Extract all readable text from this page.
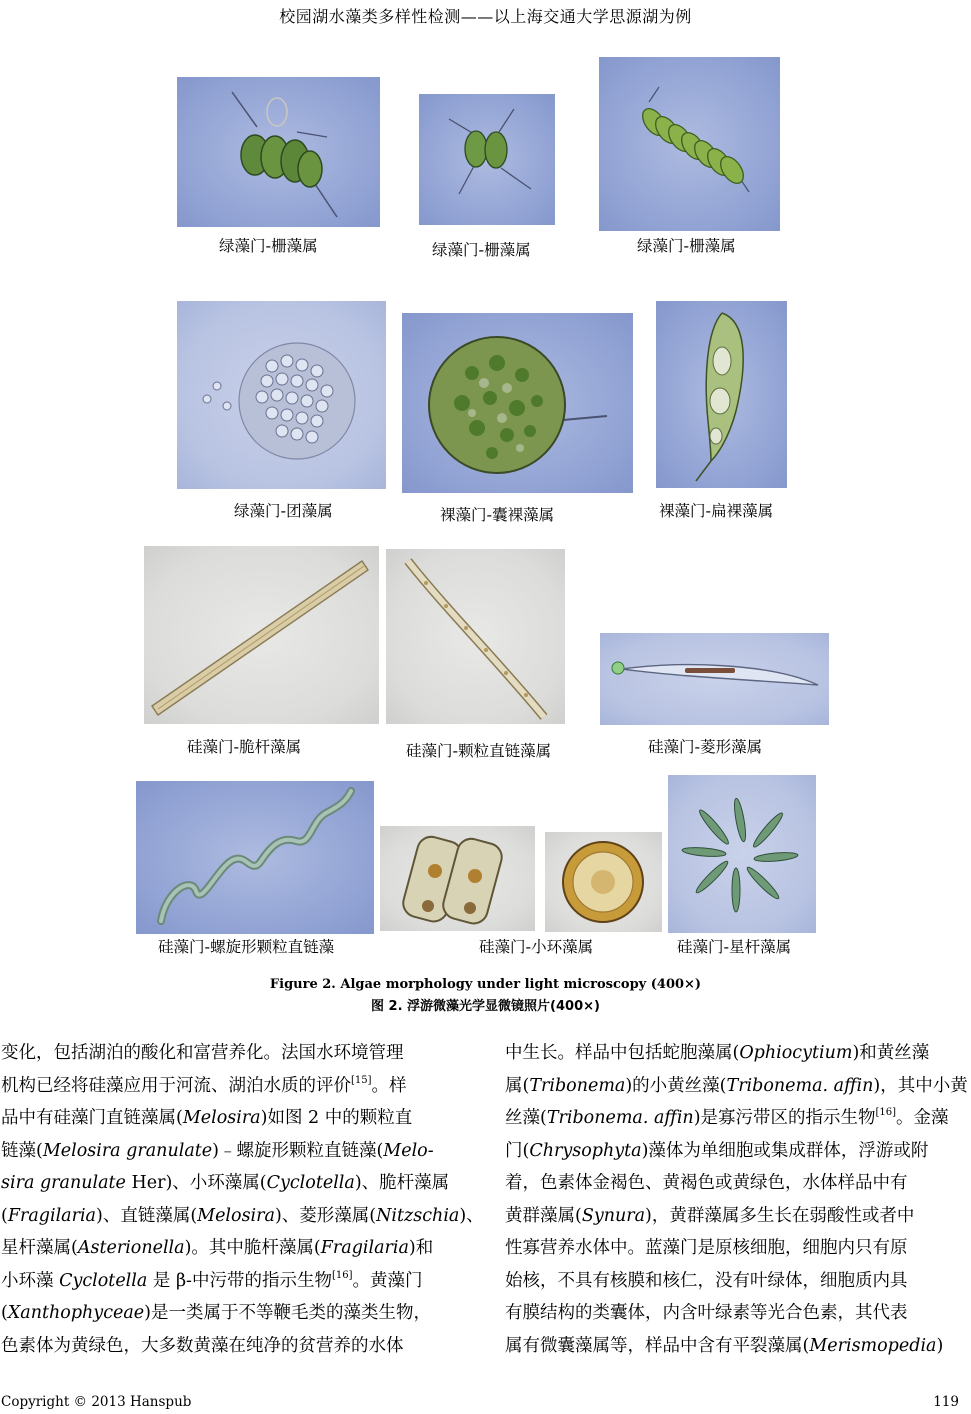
校园湖水藻类多样性检测——以上海交通大学思源湖为例
绿藻门-栅藻属	绿藻门-栅藻属	绿藻门-栅藻属
绿藻门-团藻属	裸藻门-囊裸藻属	裸藻门-扁裸藻属
硅藻门-脆杆藻属	硅藻门-颗粒直链藻属	硅藻门-菱形藻属
硅藻门-螺旋形颗粒直链藻	硅藻门-小环藻属	硅藻门-星杆藻属
Figure 2. Algae morphology under light microscopy (400×)
图 2. 浮游微藻光学显微镜照片(400×)
变化，包括湖泊的酸化和富营养化。法国水环境管理
机构已经将硅藻应用于河流、湖泊水质的评价[15]。样
品中有硅藻门直链藻属(Melosira)如图 2 中的颗粒直
链藻(Melosira granulate)﹣螺旋形颗粒直链藻(Melo-
sira granulate Her)、小环藻属(Cyclotella)、脆杆藻属
(Fragilaria)、直链藻属(Melosira)、菱形藻属(Nitzschia)、
星杆藻属(Asterionella)。其中脆杆藻属(Fragilaria)和
小环藻 Cyclotella 是 β-中污带的指示生物[16]。黄藻门
(Xanthophyceae)是一类属于不等鞭毛类的藻类生物，
色素体为黄绿色，大多数黄藻在纯净的贫营养的水体
中生长。样品中包括蛇胞藻属(Ophiocytium)和黄丝藻
属(Tribonema)的小黄丝藻(Tribonema. affin)，其中小黄
丝藻(Tribonema. affin)是寡污带区的指示生物[16]。金藻
门(Chrysophyta)藻体为单细胞或集成群体，浮游或附
着，色素体金褐色、黄褐色或黄绿色，水体样品中有
黄群藻属(Synura)，黄群藻属多生长在弱酸性或者中
性寡营养水体中。蓝藻门是原核细胞，细胞内只有原
始核，不具有核膜和核仁，没有叶绿体，细胞质内具
有膜结构的类囊体，内含叶绿素等光合色素，其代表
属有微囊藻属等，样品中含有平裂藻属(Merismopedia)
Copyright © 2013 Hanspub	119
